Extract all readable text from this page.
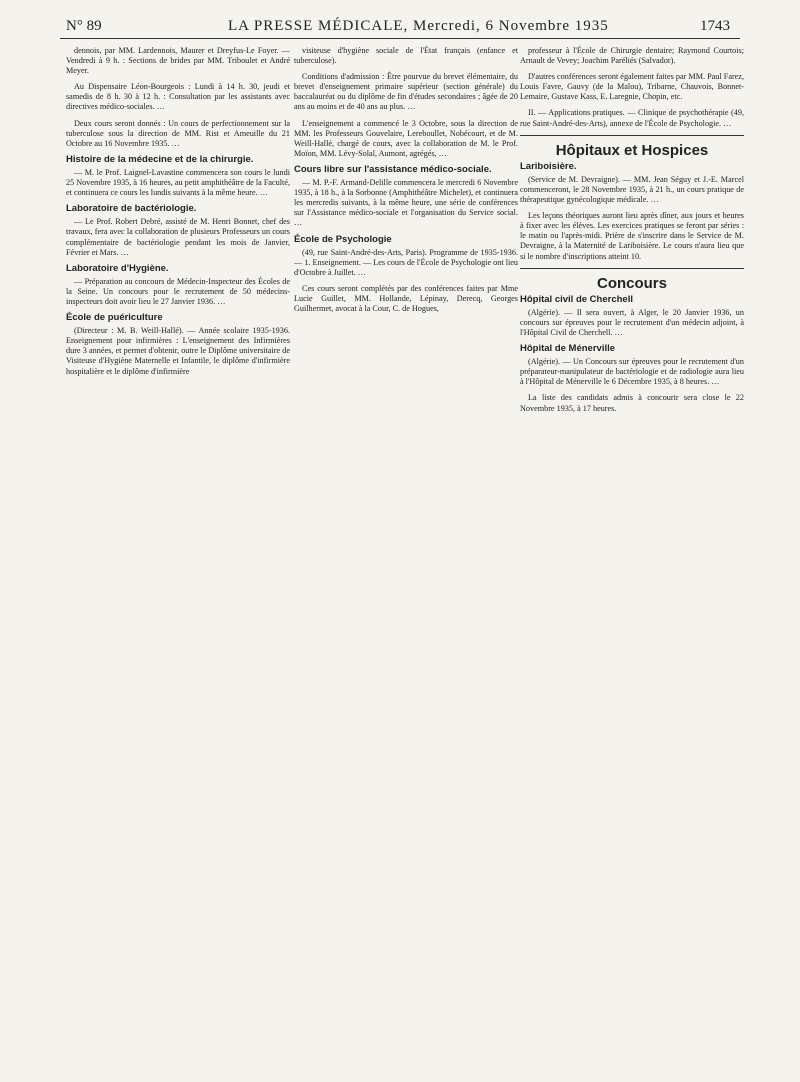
N° 89	LA PRESSE MÉDICALE, Mercredi, 6 Novembre 1935	1743

dennois, par MM. Lardennois, Maurer et Dreyfus-Le Foyer. — Vendredi à 9 h. : Sections de brides par MM. Triboulet et André Meyer.

Au Dispensaire Léon-Bourgeois : Lundi à 14 h. 30, jeudi et samedis de 8 h. 30 à 12 h. : Consultation par les assistants avec directives médico-sociales. …

Deux cours seront donnés : Un cours de perfectionnement sur la tuberculose sous la direction de MM. Rist et Ameuille du 21 Octobre au 16 Novembre 1935. …

Histoire de la médecine et de la chirurgie.

— M. le Prof. Laignel-Lavastine commencera son cours le lundi 25 Novembre 1935, à 16 heures, au petit amphithéâtre de la Faculté, et continuera ce cours les lundis suivants à la même heure. …

Laboratoire de bactériologie.

— Le Prof. Robert Debré, assisté de M. Henri Bonnet, chef des travaux, fera avec la collaboration de plusieurs Professeurs un cours complémentaire de bactériologie pendant les mois de Janvier, Février et Mars. …

Laboratoire d'Hygiène.

— Préparation au concours de Médecin-Inspecteur des Écoles de la Seine. Un concours pour le recrutement de 50 médecins-inspecteurs doit avoir lieu le 27 Janvier 1936. …

École de puériculture

(Directeur : M. B. Weill-Hallé). — Année scolaire 1935-1936. Enseignement pour infirmières : L'enseignement des Infirmières dure 3 années, et permet d'obtenir, outre le Diplôme universitaire de Visiteuse d'Hygiène Maternelle et Infantile, le diplôme d'infirmière hospitalière et le diplôme d'infirmière

visiteuse d'hygiène sociale de l'État français (enfance et tuberculose).

Conditions d'admission : Être pourvue du brevet élémentaire, du brevet d'enseignement primaire supérieur (section générale) du baccalauréat ou du diplôme de fin d'études secondaires ; âgée de 20 ans au moins et de 40 ans au plus. …

L'enseignement a commencé le 3 Octobre, sous la direction de MM. les Professeurs Gouvelaire, Lereboullet, Nobécourt, et de M. Weill-Hallé, chargé de cours, avec la collaboration de M. le Prof. Moïon, MM. Lévy-Solal, Aumont, agrégés, …

Cours libre sur l'assistance médico-sociale.

— M. P.-F. Armand-Delille commencera le mercredi 6 Novembre 1935, à 18 h., à la Sorbonne (Amphithéâtre Michelet), et continuera les mercredis suivants, à la même heure, une série de conférences sur l'Assistance médico-sociale et l'organisation du Service social. …

École de Psychologie

(49, rue Saint-André-des-Arts, Paris). Programme de 1935-1936. — 1. Enseignement. — Les cours de l'École de Psychologie ont lieu d'Octobre à Juillet. …

Ces cours seront complétés par des conférences faites par Mme Lucie Guillet, MM. Hollande, Lépinay, Derecq, Georges Guilhermet, avocat à la Cour, C. de Hogues,

professeur à l'École de Chirurgie dentaire; Raymond Courtois; Arnault de Vevey; Joachim Paréliés (Salvador).

D'autres conférences seront également faites par MM. Paul Farez, Louis Favre, Gauvy (de la Malou), Tribarne, Chauvois, Bonnet-Lemaire, Gustave Kass, E. Laregnie, Chopin, etc.

II. — Applications pratiques. — Clinique de psychothérapie (49, rue Saint-André-des-Arts), annexe de l'École de Psychologie. …

Hôpitaux et Hospices
Lariboisière.

(Service de M. Devraigne). — MM. Jean Séguy et J.-E. Marcel commenceront, le 28 Novembre 1935, à 21 h., un cours pratique de thérapeutique gynécologique médicale. …

Les leçons théoriques auront lieu après dîner, aux jours et heures à fixer avec les élèves. Les exercices pratiques se feront par séries : le matin ou l'après-midi. Prière de s'inscrire dans le Service de M. Devraigne, à la Maternité de Lariboisière. Le cours n'aura lieu que si le nombre d'inscriptions atteint 10.

Concours
Hôpital civil de Cherchell

(Algérie). — Il sera ouvert, à Alger, le 20 Janvier 1936, un concours sur épreuves pour le recrutement d'un médecin adjoint, à l'Hôpital Civil de Cherchell. …

Hôpital de Ménerville

(Algérie). — Un Concours sur épreuves pour le recrutement d'un préparateur-manipulateur de bactériologie et de radiologie aura lieu à l'Hôpital de Ménerville le 6 Décembre 1935, à 8 heures. …

La liste des candidats admis à concourir sera close le 22 Novembre 1935, à 17 heures.
